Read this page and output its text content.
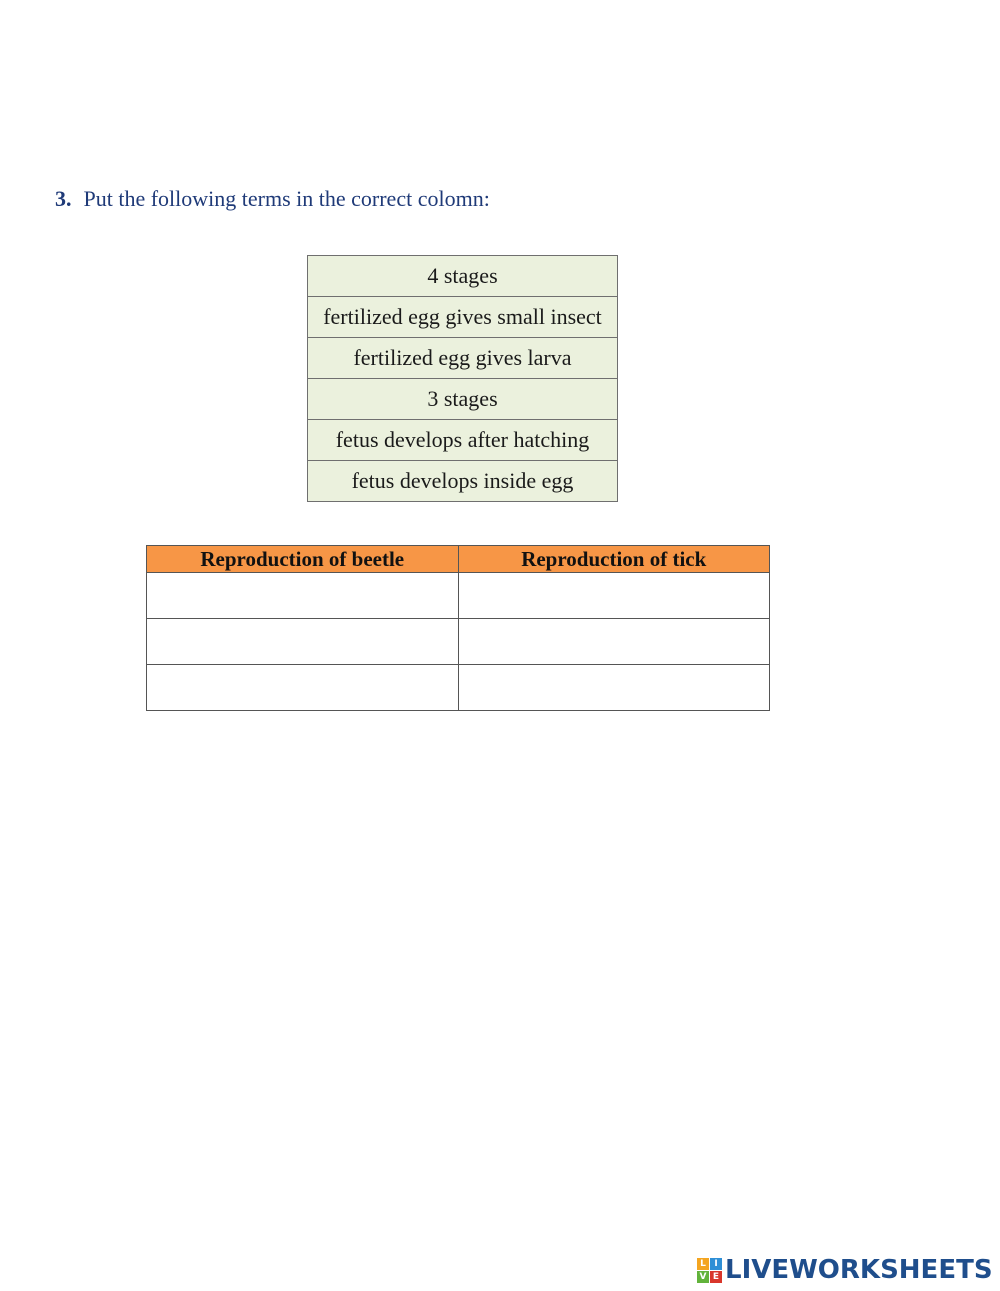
3. Put the following terms in the correct colomn:
4 stages
fertilized egg gives small insect
fertilized egg gives larva
3 stages
fetus develops after hatching
fetus develops inside egg
Reproduction of beetle	Reproduction of tick

L I
V E LIVEWORKSHEETS
